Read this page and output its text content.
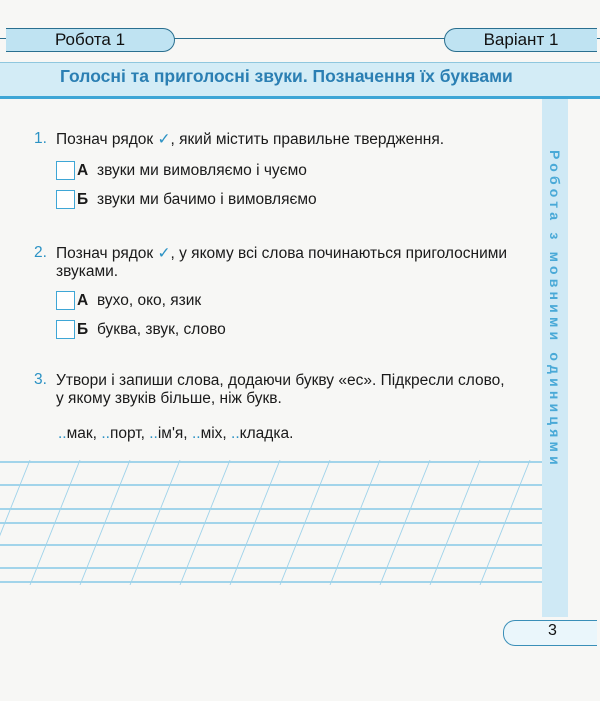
Робота 1	Варіант 1
Голосні та приголосні звуки. Позначення їх буквами
Робота з мовними одиницями
1. Познач рядок ✓, який містить правильне твердження.
А звуки ми вимовляємо і чуємо
Б звуки ми бачимо і вимовляємо
2. Познач рядок ✓, у якому всі слова починаються приголосними
звуками.
А вухо, око, язик
Б буква, звук, слово
3. Утвори і запиши слова, додаючи букву «ес». Підкресли слово,
у якому звуків більше, ніж букв.
..мак, ..порт, ..ім'я, ..міх, ..кладка.
3
